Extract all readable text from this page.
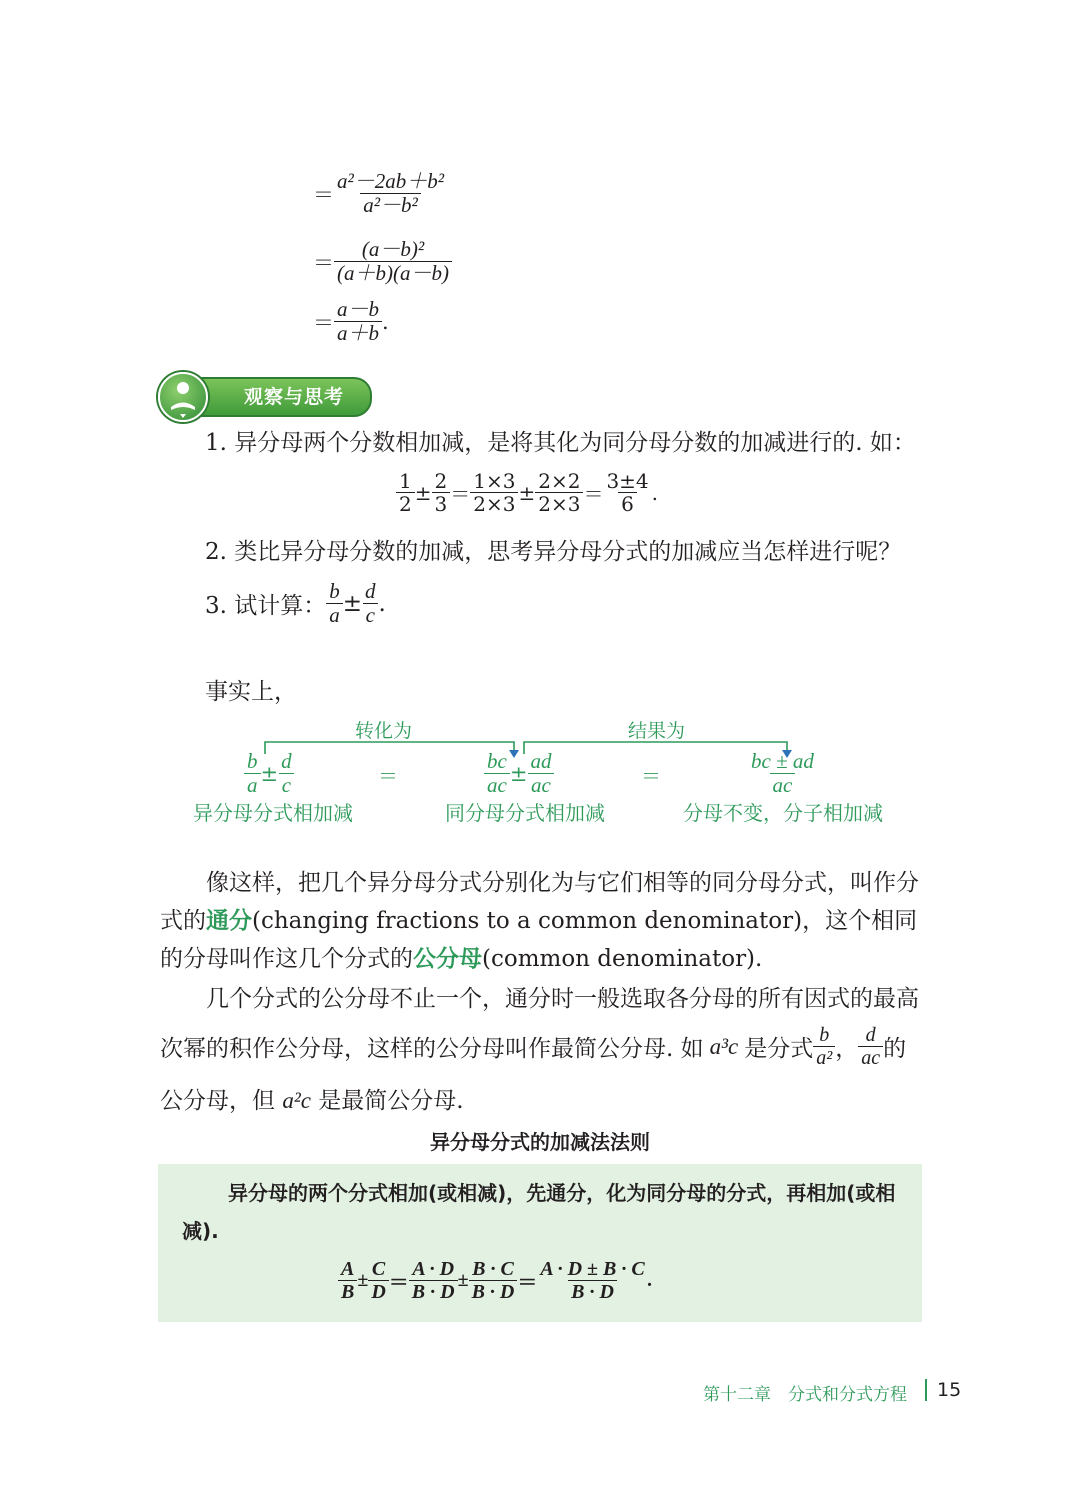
＝ $\frac{\text{a²－2ab＋b²}}{\text{a²－b²}}$
＝ $\frac{\text{(a－b)²}}{(a+b)(a-b)}$
＝ $\frac{a-b}{a+b}$ .
观察与思考
1. 异分母两个分数相加减，是将其化为同分母分数的加减进行的. 如：
$\frac{1}{2} \pm \frac{2}{3} = \frac{1\times 3}{2\times 3} \pm \frac{2\times 2}{2\times 3} = \frac{3\pm 4}{6}$ .
2. 类比异分母分数的加减，思考异分母分式的加减应当怎样进行呢？
3. 试计算： $\frac{b}{a} \pm \frac{d}{c}$ .
事实上，
转化为	结果为
$\frac{b}{a} \pm \frac{d}{c}$	＝	$\frac{bc}{ac} \pm \frac{ad}{ac}$	＝	$\frac{bc \pm ad}{ac}$
异分母分式相加减	同分母分式相加减	分母不变，分子相加减
像这样，把几个异分母分式分别化为与它们相等的同分母分式，叫作分式的通分(changing fractions to a common denominator)，这个相同的分母叫作这几个分式的公分母(common denominator).
几个分式的公分母不止一个，通分时一般选取各分母的所有因式的最高
次幂的积作公分母，这样的公分母叫作最简公分母. 如 a³c 是分式 $\frac{b}{\text{a²}}$ ， $\frac{d}{ac}$ 的
公分母，但 a²c 是最简公分母.
异分母分式的加减法法则
异分母的两个分式相加(或相减)，先通分，化为同分母的分式，再相加(或相减).
$\frac{A}{B} \pm \frac{C}{D} = \frac{A \cdot D}{B \cdot D} \pm \frac{B \cdot C}{B \cdot D} = \frac{A \cdot D \pm B \cdot C}{B \cdot D}$ .
第十二章　分式和分式方程 15
